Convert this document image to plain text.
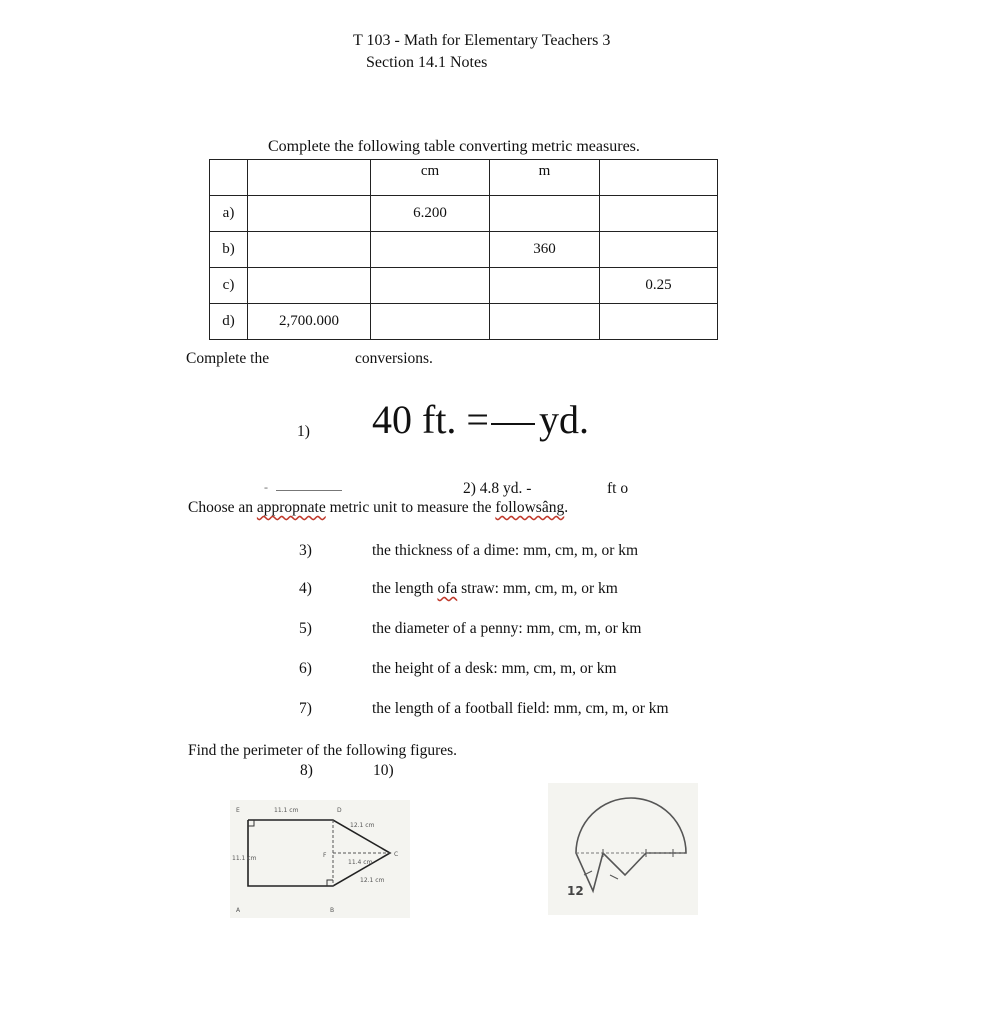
T 103 - Math for Elementary Teachers 3
Section 14.1 Notes
Complete the following table converting metric measures.
		cm	m	
a)		6.200		
b)			360	
c)				0.25
d)	2,700.000			
Complete the	conversions.
1) 40 ft. = yd.
-	2) 4.8 yd. -	ft o
Choose an appropnate metric unit to measure the followsâng.
3)	the thickness of a dime: mm, cm, m, or km
4)	the length ofa straw: mm, cm, m, or km
5)	the diameter of a penny: mm, cm, m, or km
6)	the height of a desk: mm, cm, m, or km
7)	the length of a football field: mm, cm, m, or km
Find the perimeter of the following figures.
8)	10)
11.1 cm
11.1 cm
12.1 cm
11.4 cm
12.1 cm
E	D
F	C
A	B
12
